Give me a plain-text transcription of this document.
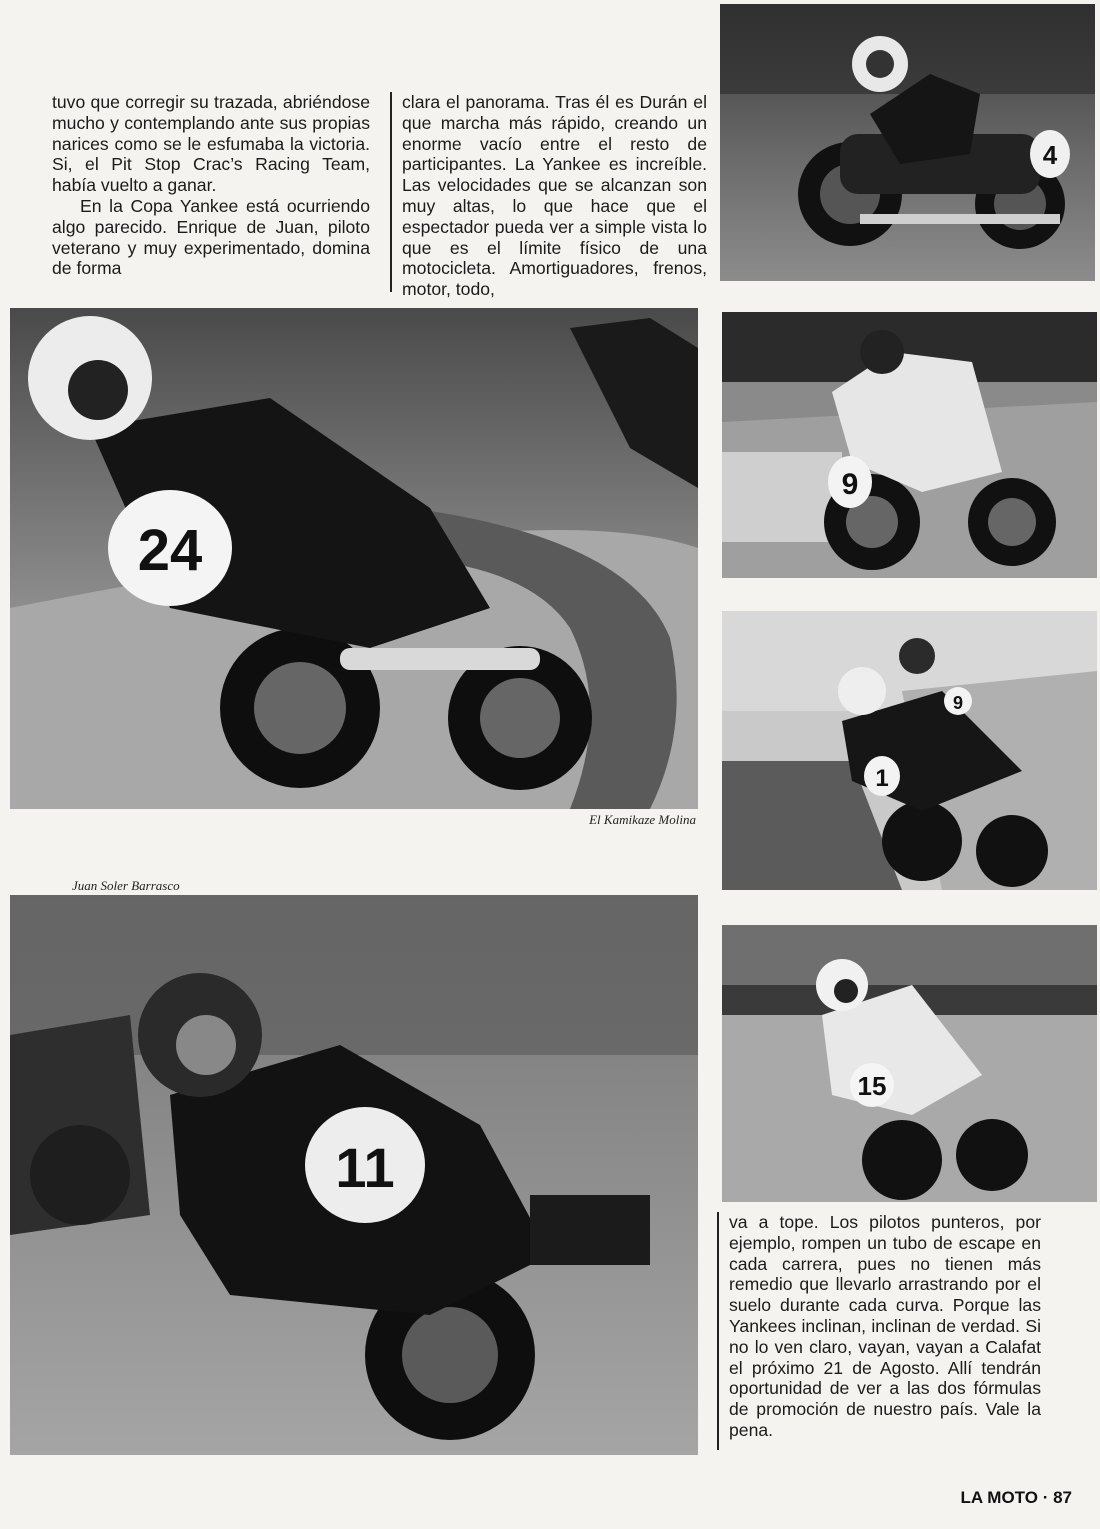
tuvo que corregir su trazada, abriéndose mucho y contemplando ante sus propias narices como se le esfumaba la victoria. Si, el Pit Stop Crac’s Racing Team, había vuelto a ganar.

En la Copa Yankee está ocurriendo algo parecido. Enrique de Juan, piloto veterano y muy experimentado, domina de forma

clara el panorama. Tras él es Durán el que marcha más rápido, creando un enorme vacío entre el resto de participantes. La Yankee es increíble. Las velocidades que se alcanzan son muy altas, lo que hace que el espectador pueda ver a simple vista lo que es el límite físico de una motocicleta. Amortiguadores, frenos, motor, todo,

va a tope. Los pilotos punteros, por ejemplo, rompen un tubo de escape en cada carrera, pues no tienen más remedio que llevarlo arrastrando por el suelo durante cada curva. Porque las Yankees inclinan, inclinan de verdad. Si no lo ven claro, vayan, vayan a Calafat el próximo 21 de Agosto. Allí tendrán oportunidad de ver a las dos fórmulas de promoción de nuestro país. Vale la pena.

4
24
El Kamikaze Molina
9
1
9
15
Juan Soler Barrasco
11
LA MOTO · 87
